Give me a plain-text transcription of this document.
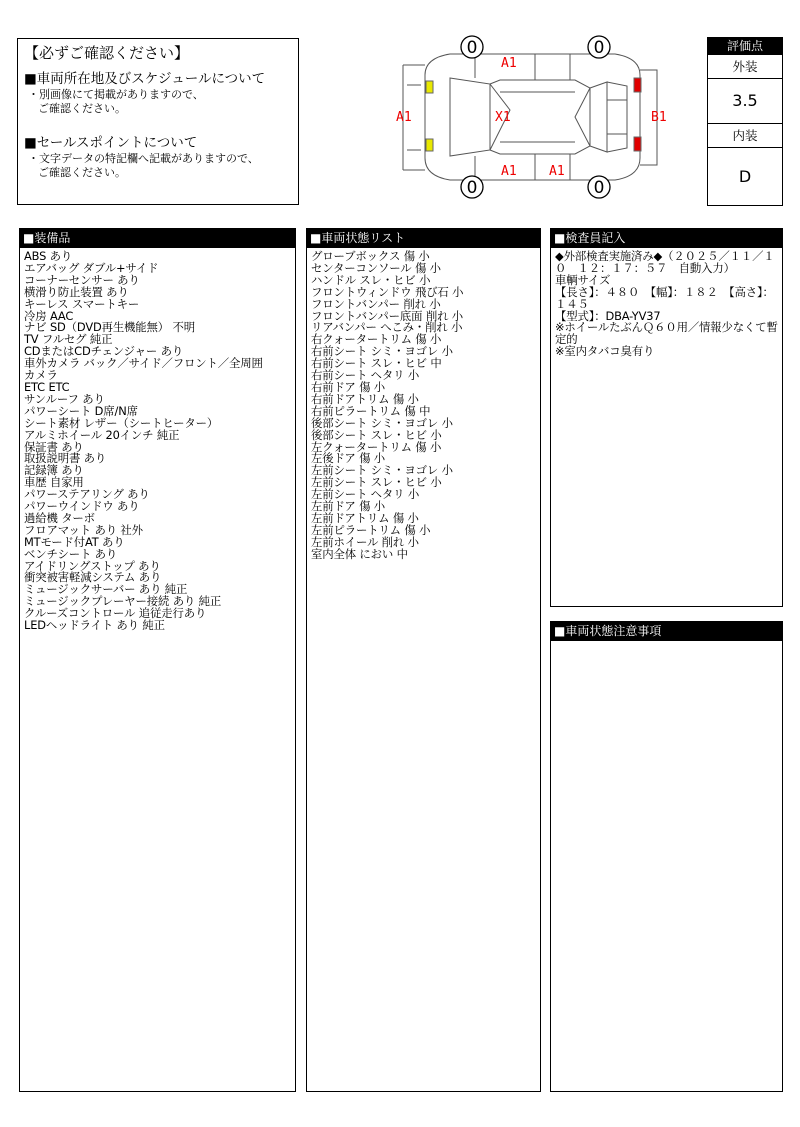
【必ずご確認ください】
■車両所在地及びスケジュールについて
・別画像にて掲載がありますので、
ご確認ください。
■セールスポイントについて
・文字データの特記欄へ記載がありますので、
ご確認ください。
0	0
0	0
A1
A1	X1	B1
A1 A1
評価点
外装
3.5
内装
D
■装備品
ABS あり
エアバッグ ダブル+サイド
コーナーセンサー あり
横滑り防止装置 あり
キーレス スマートキー
冷房 AAC
ナビ SD（DVD再生機能無） 不明
TV フルセグ 純正
CDまたはCDチェンジャー あり
車外カメラ バック／サイド／フロント／全周囲
カメラ
ETC ETC
サンルーフ あり
パワーシート D席/N席
シート素材 レザー（シートヒーター）
アルミホイール 20インチ 純正
保証書 あり
取扱説明書 あり
記録簿 あり
車歴 自家用
パワーステアリング あり
パワーウインドウ あり
過給機 ターボ
フロアマット あり 社外
MTモード付AT あり
ベンチシート あり
アイドリングストップ あり
衝突被害軽減システム あり
ミュージックサーバー あり 純正
ミュージックプレーヤー接続 あり 純正
クルーズコントロール 追従走行あり
LEDヘッドライト あり 純正
■車両状態リスト
グローブボックス 傷 小
センターコンソール 傷 小
ハンドル スレ・ヒビ 小
フロントウィンドウ 飛び石 小
フロントバンパー 削れ 小
フロントバンパー底面 削れ 小
リアバンパー へこみ・削れ 小
右クォータートリム 傷 小
右前シート シミ・ヨゴレ 小
右前シート スレ・ヒビ 中
右前シート ヘタリ 小
右前ドア 傷 小
右前ドアトリム 傷 小
右前ピラートリム 傷 中
後部シート シミ・ヨゴレ 小
後部シート スレ・ヒビ 小
左クォータートリム 傷 小
左後ドア 傷 小
左前シート シミ・ヨゴレ 小
左前シート スレ・ヒビ 小
左前シート ヘタリ 小
左前ドア 傷 小
左前ドアトリム 傷 小
左前ピラートリム 傷 小
左前ホイール 削れ 小
室内全体 におい 中
■検査員記入
◆外部検査実施済み◆（２０２５／１１／１０　１２：１７：５７　自動入力）
車輌サイズ
【長さ】：４８０　【幅】：１８２　【高さ】：１４５
【型式】：DBA-YV37
※ホイールたぶんＱ６０用／情報少なくて暫定的
※室内タバコ臭有り
■車両状態注意事項
